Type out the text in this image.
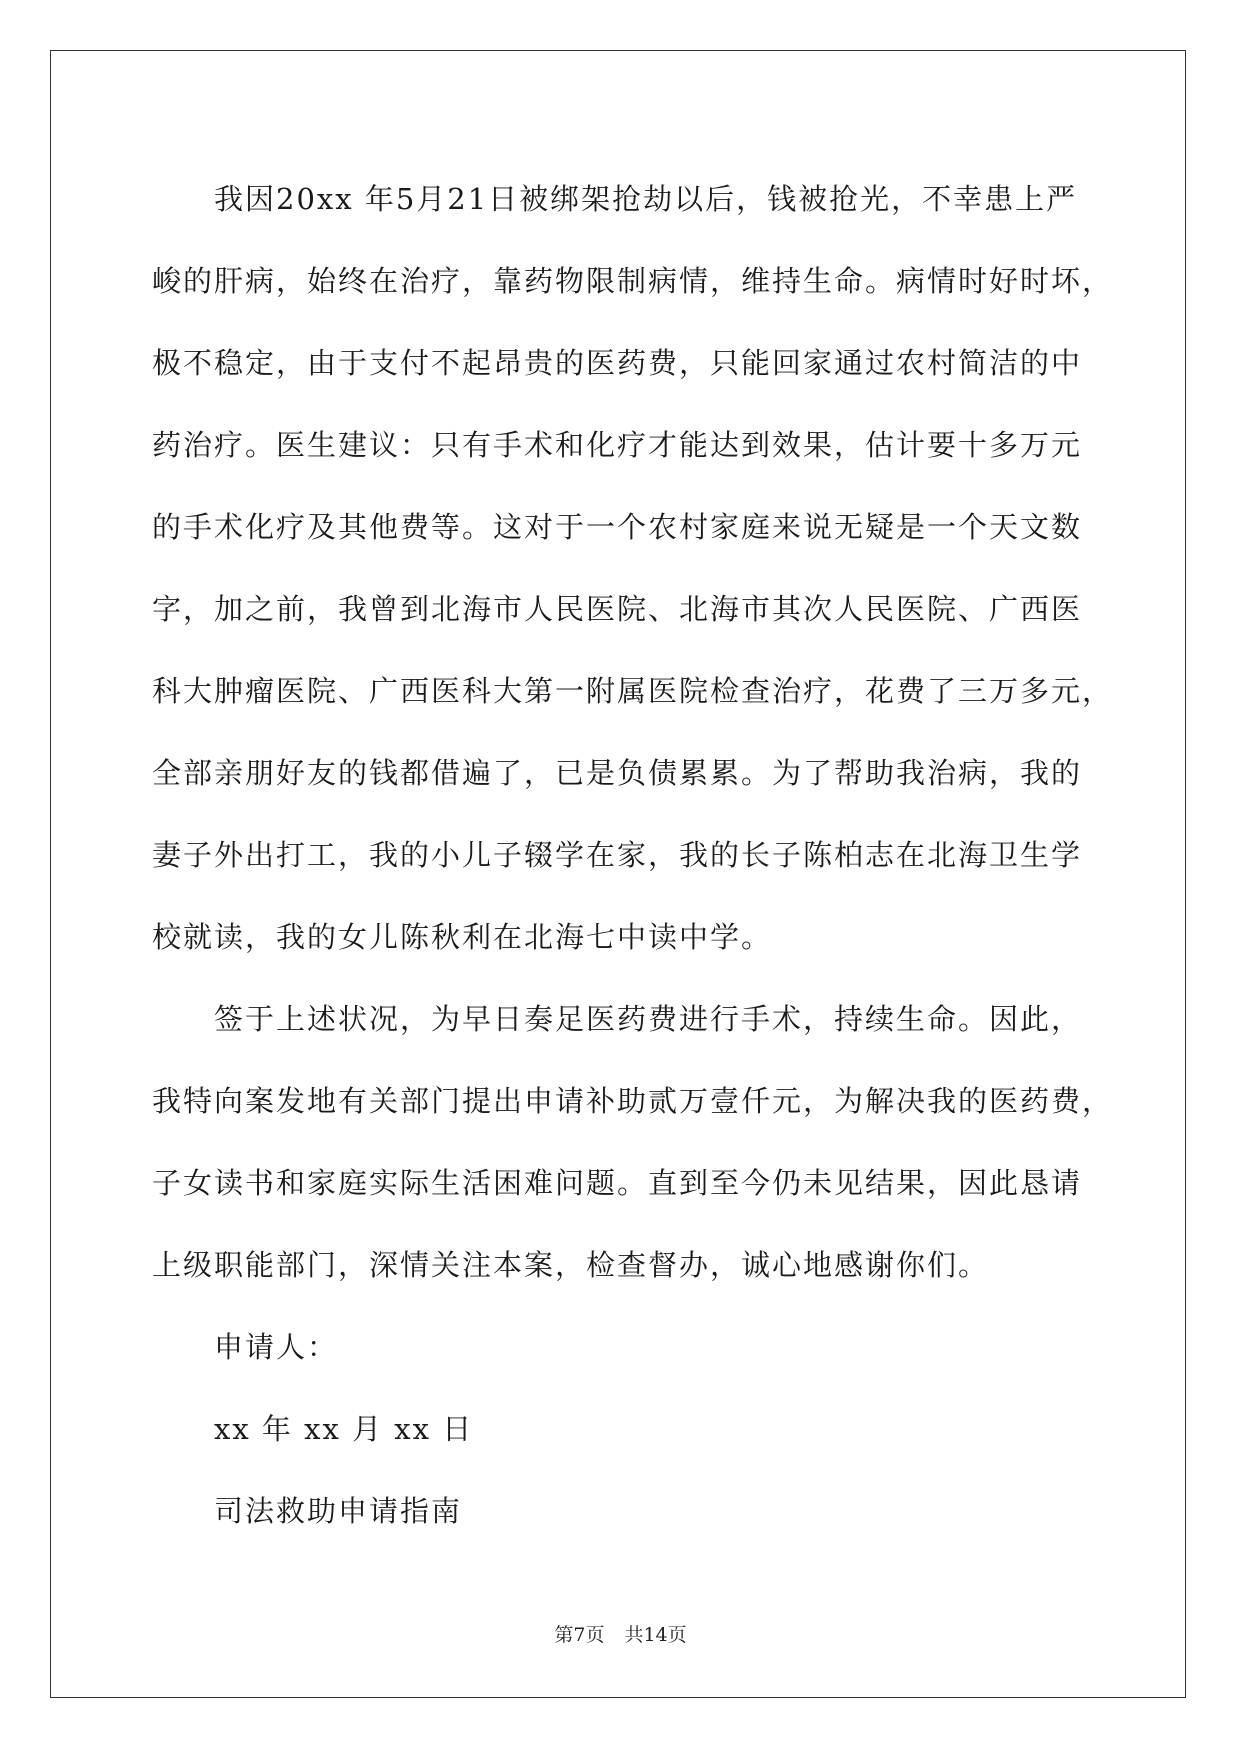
我因20xx 年5月21日被绑架抢劫以后，钱被抢光，不幸患上严
峻的肝病，始终在治疗，靠药物限制病情，维持生命。病情时好时坏，
极不稳定，由于支付不起昂贵的医药费，只能回家通过农村简洁的中
药治疗。医生建议：只有手术和化疗才能达到效果，估计要十多万元
的手术化疗及其他费等。这对于一个农村家庭来说无疑是一个天文数
字，加之前，我曾到北海市人民医院、北海市其次人民医院、广西医
科大肿瘤医院、广西医科大第一附属医院检查治疗，花费了三万多元，
全部亲朋好友的钱都借遍了，已是负债累累。为了帮助我治病，我的
妻子外出打工，我的小儿子辍学在家，我的长子陈柏志在北海卫生学
校就读，我的女儿陈秋利在北海七中读中学。

签于上述状况，为早日奏足医药费进行手术，持续生命。因此，
我特向案发地有关部门提出申请补助贰万壹仟元，为解决我的医药费，
子女读书和家庭实际生活困难问题。直到至今仍未见结果，因此恳请
上级职能部门，深情关注本案，检查督办，诚心地感谢你们。

申请人：

xx 年 xx 月 xx 日

司法救助申请指南

第7页 共14页
